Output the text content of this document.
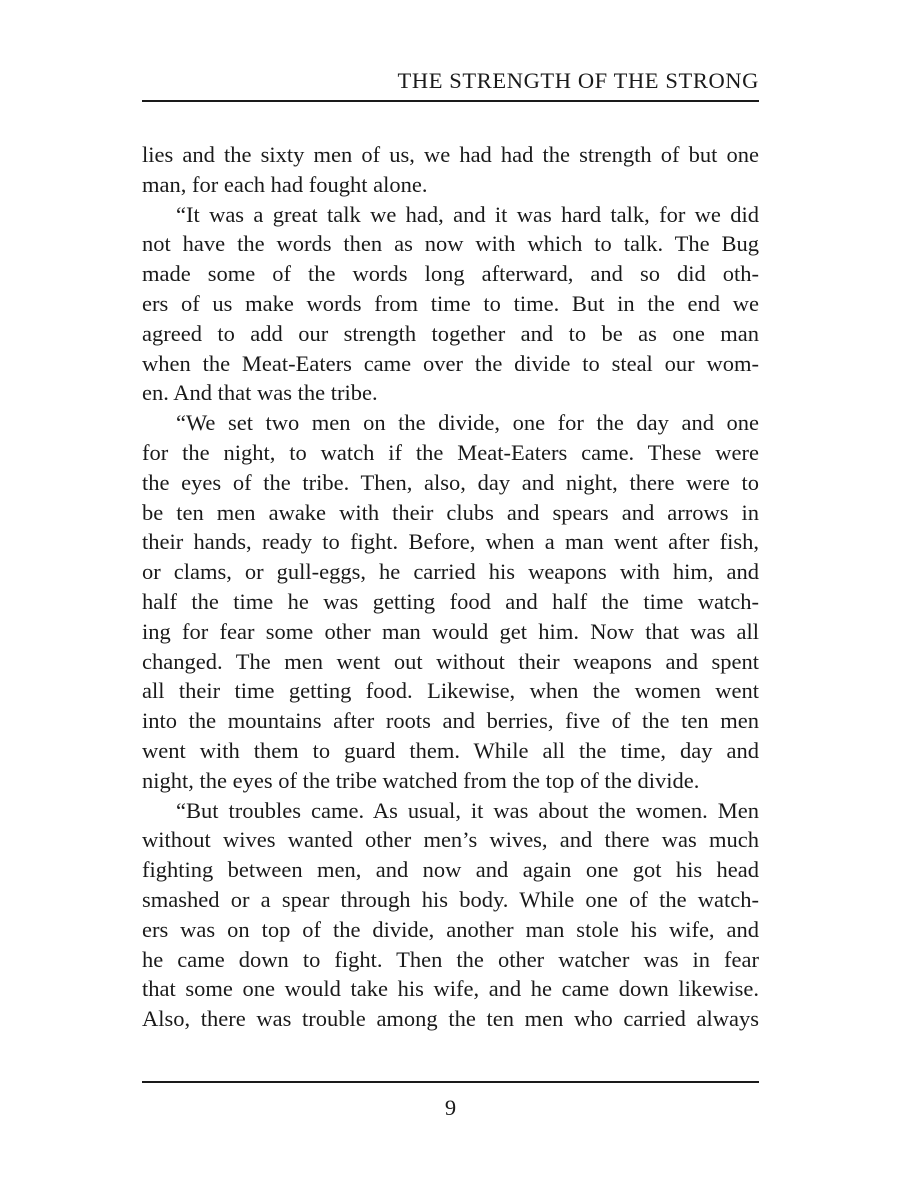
THE STRENGTH OF THE STRONG
lies and the sixty men of us, we had had the strength of but one
man, for each had fought alone.
“It was a great talk we had, and it was hard talk, for we did
not have the words then as now with which to talk. The Bug
made some of the words long afterward, and so did oth-
ers of us make words from time to time. But in the end we
agreed to add our strength together and to be as one man
when the Meat-Eaters came over the divide to steal our wom-
en. And that was the tribe.
“We set two men on the divide, one for the day and one
for the night, to watch if the Meat-Eaters came. These were
the eyes of the tribe. Then, also, day and night, there were to
be ten men awake with their clubs and spears and arrows in
their hands, ready to fight. Before, when a man went after fish,
or clams, or gull-eggs, he carried his weapons with him, and
half the time he was getting food and half the time watch-
ing for fear some other man would get him. Now that was all
changed. The men went out without their weapons and spent
all their time getting food. Likewise, when the women went
into the mountains after roots and berries, five of the ten men
went with them to guard them. While all the time, day and
night, the eyes of the tribe watched from the top of the divide.
“But troubles came. As usual, it was about the women. Men
without wives wanted other men’s wives, and there was much
fighting between men, and now and again one got his head
smashed or a spear through his body. While one of the watch-
ers was on top of the divide, another man stole his wife, and
he came down to fight. Then the other watcher was in fear
that some one would take his wife, and he came down likewise.
Also, there was trouble among the ten men who carried always
9
